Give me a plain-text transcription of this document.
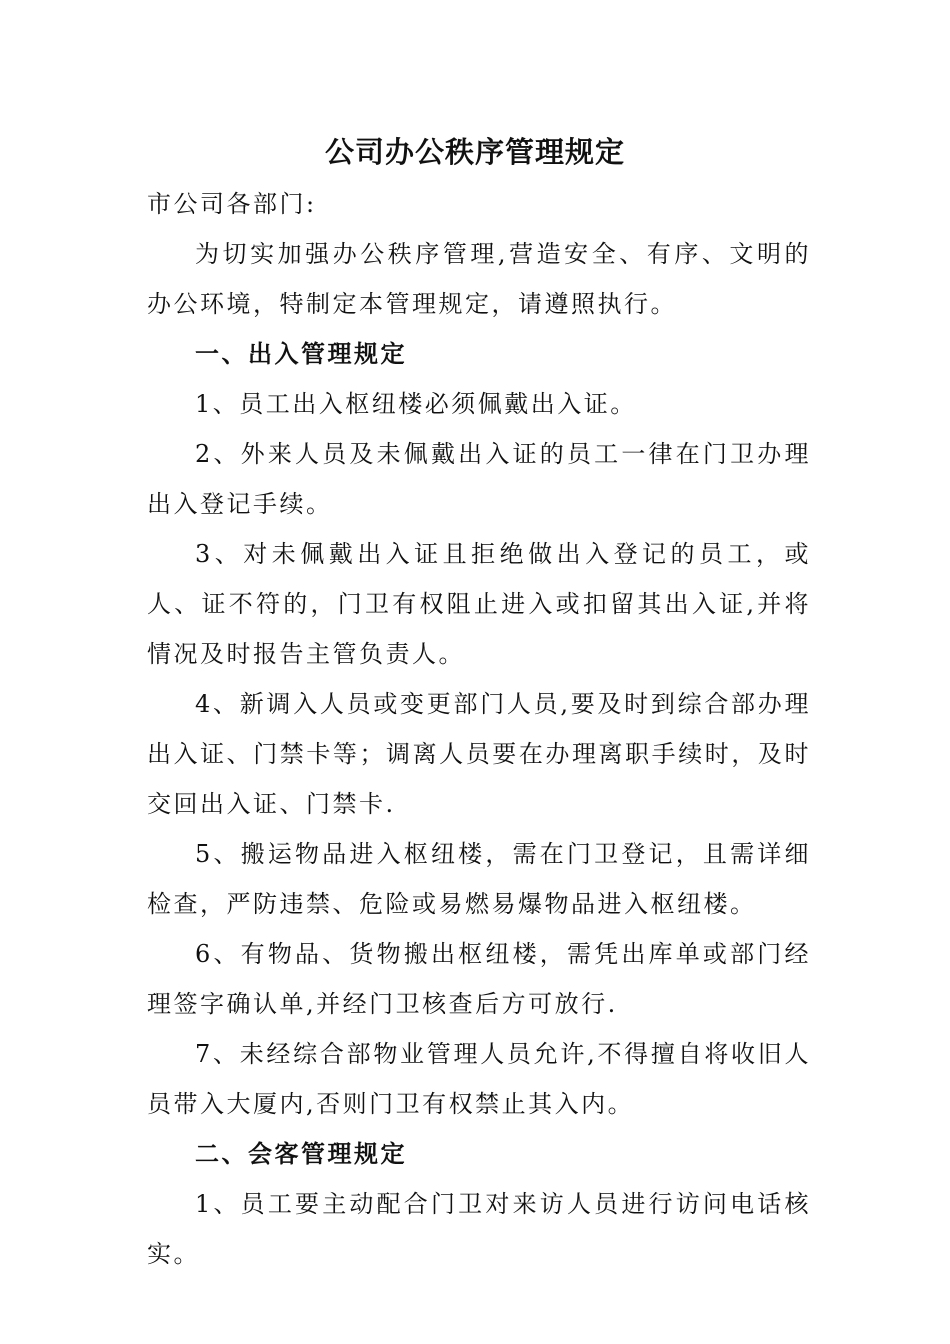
公司办公秩序管理规定

市公司各部门:

为切实加强办公秩序管理,营造安全、有序、文明的办公环境，特制定本管理规定，请遵照执行。

一、出入管理规定

1、员工出入枢纽楼必须佩戴出入证。

2、外来人员及未佩戴出入证的员工一律在门卫办理出入登记手续。

3、对未佩戴出入证且拒绝做出入登记的员工，或人、证不符的，门卫有权阻止进入或扣留其出入证,并将情况及时报告主管负责人。

4、新调入人员或变更部门人员,要及时到综合部办理出入证、门禁卡等；调离人员要在办理离职手续时，及时交回出入证、门禁卡.

5、搬运物品进入枢纽楼，需在门卫登记，且需详细检查，严防违禁、危险或易燃易爆物品进入枢纽楼。

6、有物品、货物搬出枢纽楼，需凭出库单或部门经理签字确认单,并经门卫核查后方可放行.

7、未经综合部物业管理人员允许,不得擅自将收旧人员带入大厦内,否则门卫有权禁止其入内。

二、会客管理规定

1、员工要主动配合门卫对来访人员进行访问电话核实。
